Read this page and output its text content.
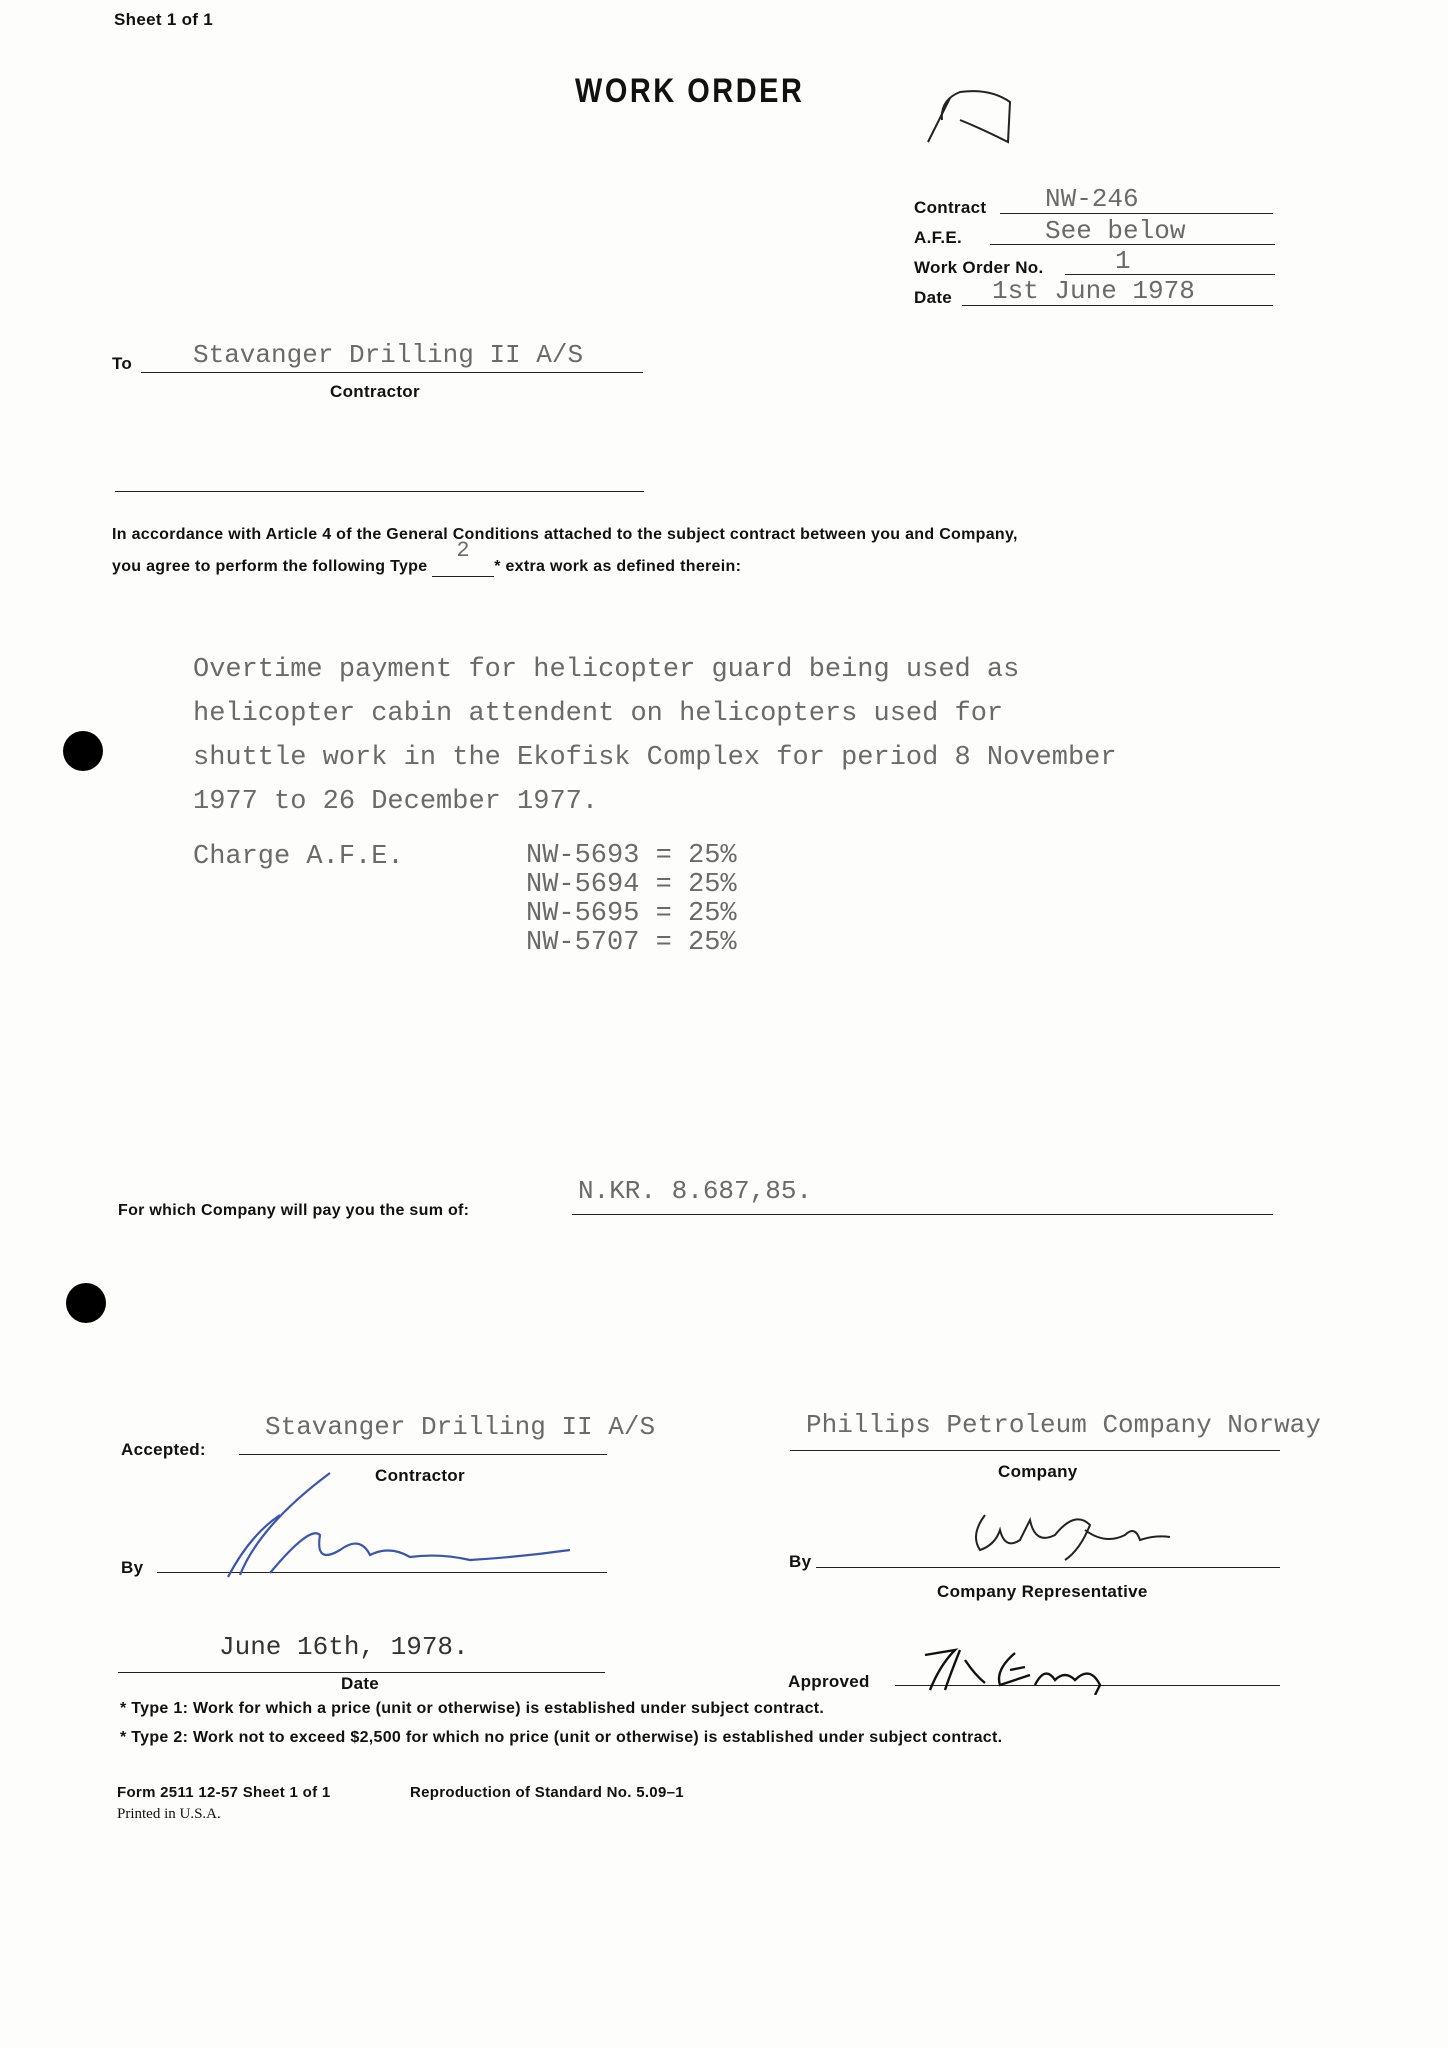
Sheet 1 of 1
WORK ORDER
Contract NW-246
A.F.E.	See below
Work Order No.	1
Date 1st June 1978
To Stavanger Drilling II A/S
Contractor
In accordance with Article 4 of the General Conditions attached to the subject contract between you and Company,
you agree to perform the following Type
2
* extra work as defined therein:
Overtime payment for helicopter guard being used as
helicopter cabin attendent on helicopters used for
shuttle work in the Ekofisk Complex for period 8 November
1977 to 26 December 1977.
Charge A.F.E.	NW-5693 = 25%
NW-5694 = 25%
NW-5695 = 25%
NW-5707 = 25%
For which Company will pay you the sum of:
N.KR. 8.687,85.
Accepted:
Stavanger Drilling II A/S
Contractor
Phillips Petroleum Company Norway
Company
By	By
Company Representative
June 16th, 1978.
Date	Approved
* Type 1: Work for which a price (unit or otherwise) is established under subject contract.
* Type 2: Work not to exceed $2,500 for which no price (unit or otherwise) is established under subject contract.
Form 2511 12-57 Sheet 1 of 1	Reproduction of Standard No. 5.09–1
Printed in U.S.A.
